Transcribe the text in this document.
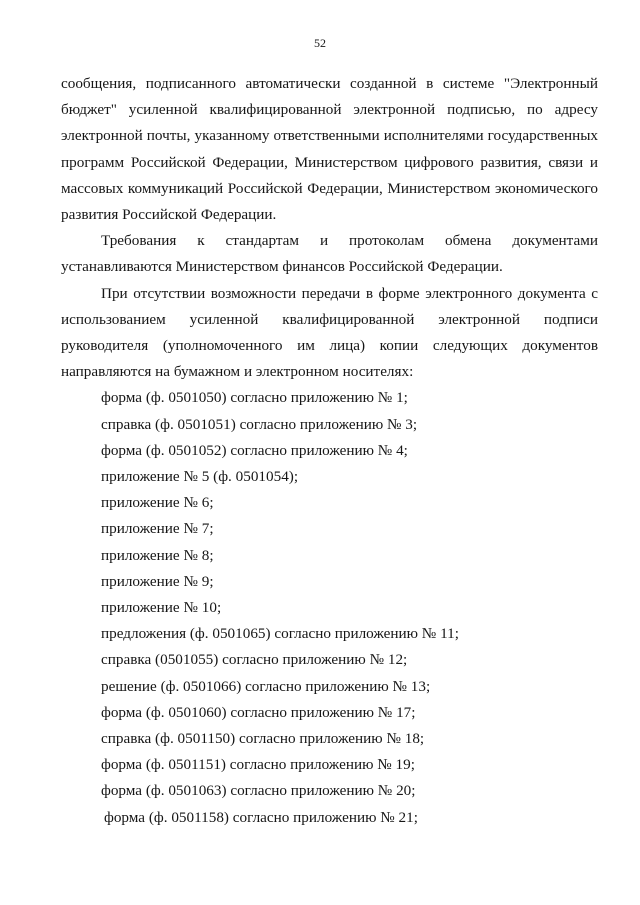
52

сообщения, подписанного автоматически созданной в системе "Электронный бюджет" усиленной квалифицированной электронной подписью, по адресу электронной почты, указанному ответственными исполнителями государственных программ Российской Федерации, Министерством цифрового развития, связи и массовых коммуникаций Российской Федерации, Министерством экономического развития Российской Федерации.

Требования к стандартам и протоколам обмена документами устанавливаются Министерством финансов Российской Федерации.

При отсутствии возможности передачи в форме электронного документа с использованием усиленной квалифицированной электронной подписи руководителя (уполномоченного им лица) копии следующих документов направляются на бумажном и электронном носителях:

форма (ф. 0501050) согласно приложению № 1;
справка (ф. 0501051) согласно приложению № 3;
форма (ф. 0501052) согласно приложению № 4;
приложение № 5 (ф. 0501054);
приложение № 6;
приложение № 7;
приложение № 8;
приложение № 9;
приложение № 10;
предложения (ф. 0501065) согласно приложению № 11;
справка (0501055) согласно приложению № 12;
решение (ф. 0501066) согласно приложению № 13;
форма (ф. 0501060) согласно приложению № 17;
справка (ф. 0501150) согласно приложению № 18;
форма (ф. 0501151) согласно приложению № 19;
форма (ф. 0501063) согласно приложению № 20;
форма (ф. 0501158) согласно приложению № 21;
